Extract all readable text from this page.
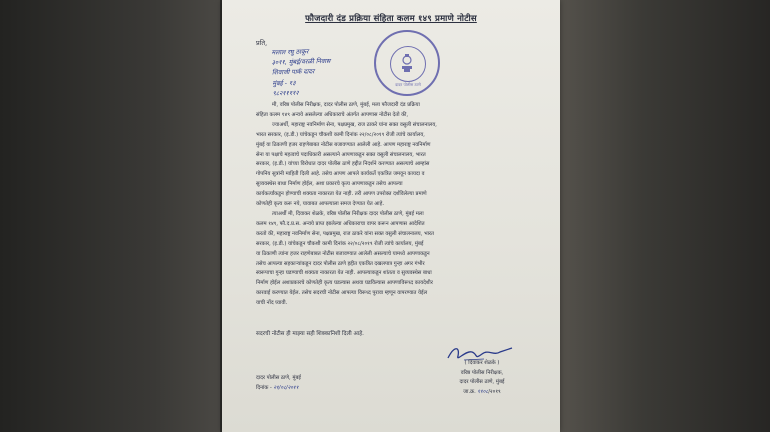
फौजदारी दंड प्रक्रिया संहिता कलम १४९ प्रमाणे नोटीस
प्रति,
मलाल रघु ठाकूर
३०११, मुंबई/वरळी निवास
शिवाजी पार्क दादर
मुंबई - १३
९८२११११२
दादर पोलीस ठाणे
मी, वरिष्ठ पोलीस निरीक्षक, दादर पोलीस ठाणे, मुंबई, मला फौजदारी दंड प्रक्रिया
संहिता कलम १४९ अन्वये असलेल्या अधिकाराचे अंतर्गत आपणास नोटीस देतो की,
ज्याअर्थी, महाराष्ट्र नवनिर्माण सेना, पक्षप्रमुख, राज ठाकरे यांना सक्त वसुली संचालनालय,
भारत सरकार, (इ.डी.) यांचेकडून चौकशी कामी दिनांक २२/०८/२०१९ रोजी त्यांचे कार्यालय,
मुंबई या ठिकाणी हजर राहणेबाबत नोटीस बजावण्यात आलेली आहे. आपण महाराष्ट्र नवनिर्माण
सेना या पक्षाचे महत्वाचे पदाधिकारी असल्याने आपणाकडून सक्त वसुली संचालनालय, भारत
सरकार, (इ.डी.) यांच्या विरोधात दादर पोलीस ठाणे हद्दीत निदर्शने करण्यात असल्याचे आम्हांस
गोपनिय सुत्रांनी माहिती दिली आहे. तसेच आपण आपले कार्यकर्ते एकत्रित जमवून कायदा व
सुव्यवस्थेस बाधा निर्माण होईल, अशा प्रकारचे कृत्य आपणाकडून तसेच आपल्या
कार्यकर्त्यांकडून होण्याची शक्यता नाकारता येत नाही. तरी आपण उपरोक्त दर्शविलेल्या प्रमाणे
कोणतेही कृत्य करू नये, यावाबत आपल्याला समज देण्यात येत आहे.
त्याअर्थी मी, दिवाकर शेळके, वरिष्ठ पोलीस निरीक्षक दादर पोलीस ठाणे, मुंबई मला
कलम १४९, फौ.द.प्र.स. अन्वये प्राप्त झालेल्या अधिकाराचा वापर करून आपणास आदेशित
करतो की, महाराष्ट्र नवनिर्माण सेना, पक्षप्रमुख, राज ठाकरे यांना सक्त वसुली संचालनालय, भारत
सरकार, (इ.डी.) यांचेकडून चौकशी कामी दिनांक २२/०८/२०१९ रोजी त्यांचे कार्यालय, मुंबई
या ठिकाणी त्यांना हजर राहणेबाबत नोटीस बजावण्यात आलेली असल्याचे यामध्ये आपणाकडून
तसेच आपल्या सहकाऱ्यांकडून दादर पोलीस ठाणे हद्दीत एकत्रित दखलपात्र गुन्हा अगर गंभीर
स्वरूपाचा गुन्हा घडण्याची शक्यता नाकारता येत नाही. आपल्याकडून शांतता व सुव्यवस्थेस बाधा
निर्माण होईल अशाप्रकारचे कोणतेही कृत्य घडल्यास अथवा घडविल्यास आपणाविरूध्द कायदेशीर
कारवाई करण्यात येईल. तसेच सदरची नोटीस आपल्या विरूध्द पुरावा म्हणून वापरण्यात येईल
याची नोंद घ्यावी.
सदरची नोटीस ही माझ्या सही शिक्कानिशी दिली आहे.
( दिवाकर शेळके )
वरिष्ठ पोलीस निरीक्षक,
दादर पोलीस ठाणे, मुंबई
जा.क्र. ११०८/२०१९
दादर पोलीस ठाणे, मुंबई
दिनांक - २१/०८/२०१९
